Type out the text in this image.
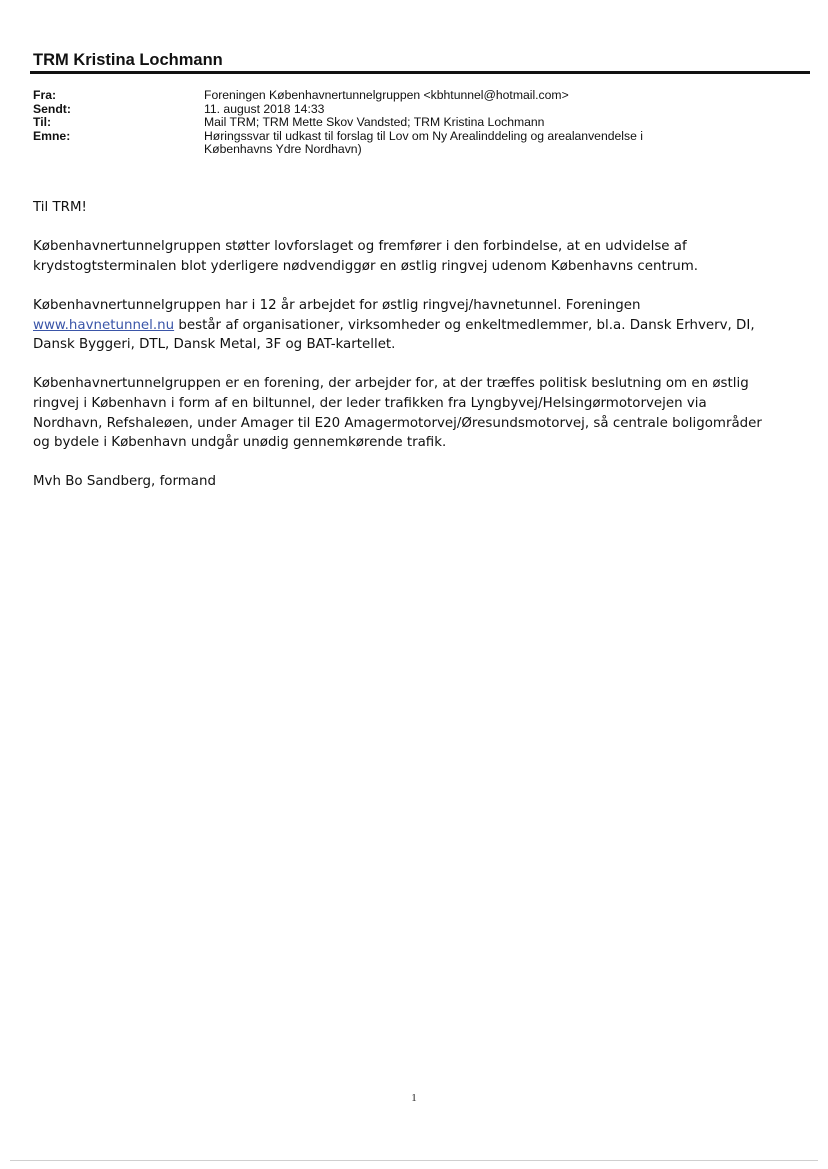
TRM Kristina Lochmann
Fra:	Foreningen Københavnertunnelgruppen <kbhtunnel@hotmail.com>
Sendt:	11. august 2018 14:33
Til:	Mail TRM; TRM Mette Skov Vandsted; TRM Kristina Lochmann
Emne:	Høringssvar til udkast til forslag til Lov om Ny Arealinddeling og arealanvendelse i
Københavns Ydre Nordhavn)

Til TRM!

Københavnertunnelgruppen støtter lovforslaget og fremfører i den forbindelse, at en udvidelse af
krydstogtsterminalen blot yderligere nødvendiggør en østlig ringvej udenom Københavns centrum.

Københavnertunnelgruppen har i 12 år arbejdet for østlig ringvej/havnetunnel. Foreningen
www.havnetunnel.nu består af organisationer, virksomheder og enkeltmedlemmer, bl.a. Dansk Erhverv, DI,
Dansk Byggeri, DTL, Dansk Metal, 3F og BAT-kartellet.

Københavnertunnelgruppen er en forening, der arbejder for, at der træffes politisk beslutning om en østlig
ringvej i København i form af en biltunnel, der leder trafikken fra Lyngbyvej/Helsingørmotorvejen via
Nordhavn, Refshaleøen, under Amager til E20 Amagermotorvej/Øresundsmotorvej, så centrale boligområder
og bydele i København undgår unødig gennemkørende trafik.

Mvh Bo Sandberg, formand

1
